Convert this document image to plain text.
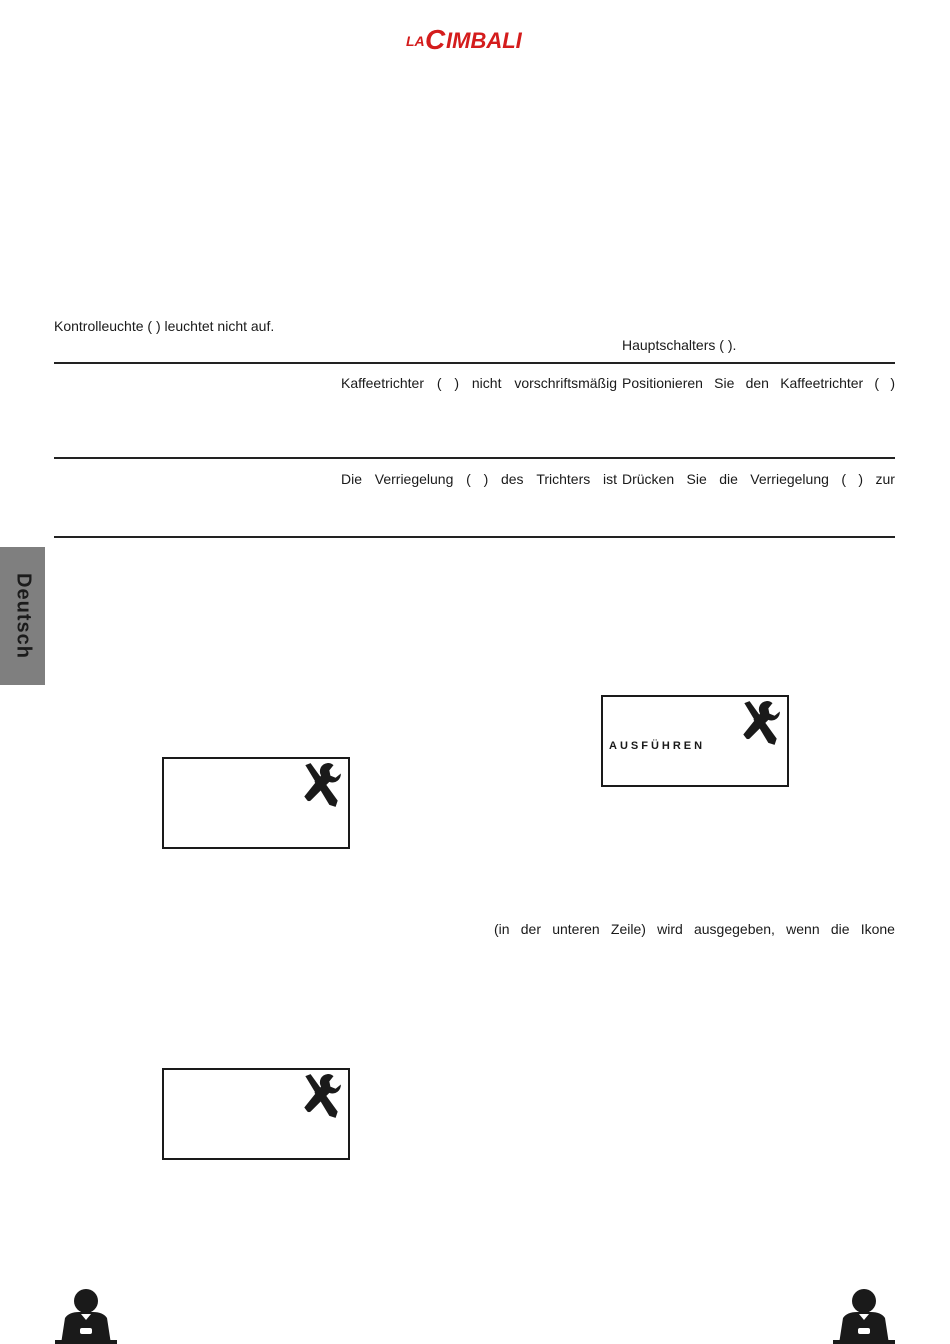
LA C IMBALI
Kontrolleuchte ( ) leuchtet nicht auf.
Hauptschalters ( ).
Kaffeetrichter ( ) nicht vorschriftsmäßig Positionieren Sie den Kaffeetrichter ( )
Die Verriegelung ( ) des Trichters ist Drücken Sie die Verriegelung ( ) zur
Deutsch
AUSFÜHREN
(in der unteren Zeile) wird ausgegeben, wenn die Ikone
